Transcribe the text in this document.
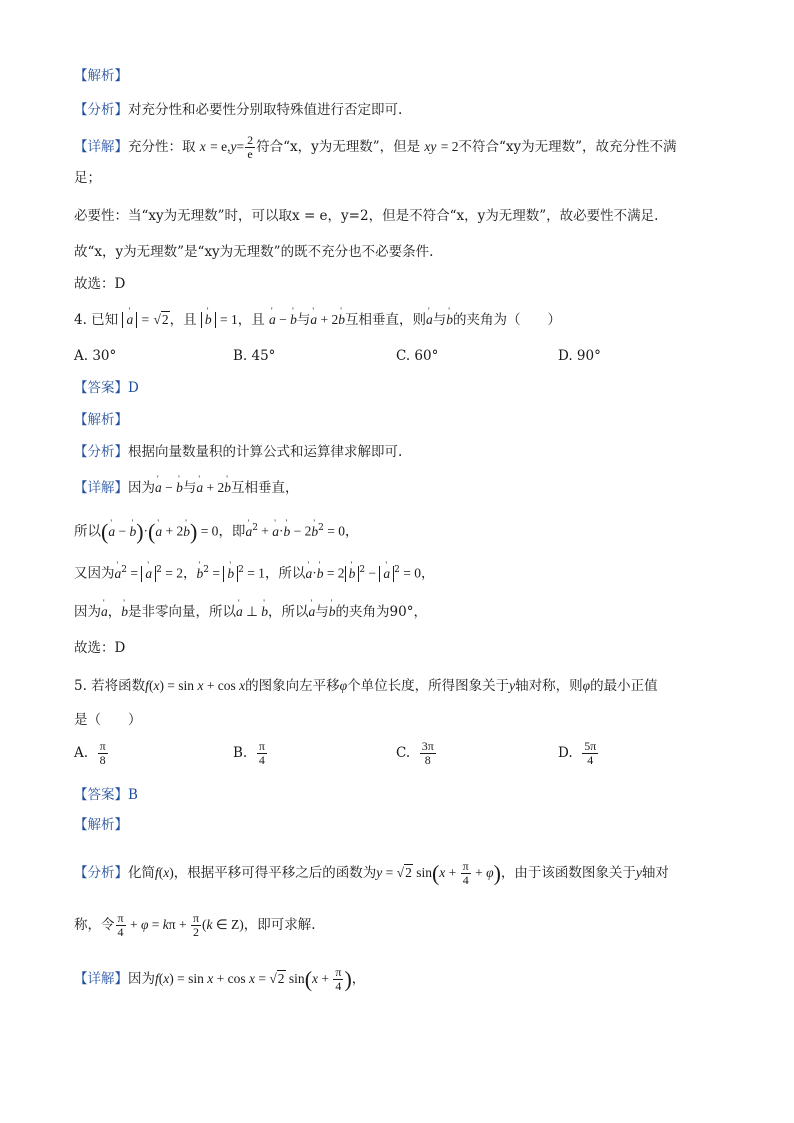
【解析】
【分析】对充分性和必要性分别取特殊值进行否定即可.
【详解】充分性：取 $x = e,y= \frac{2}{e}$ 符合“x，y为无理数”，但是 xy = 2不符合“xy为无理数”，故充分性不满
足；
必要性：当“xy为无理数”时，可以取x = e，y=2，但是不符合“x，y为无理数”，故必要性不满足.
故“x，y为无理数”是“xy为无理数”的既不充分也不必要条件.
故选：D
4. 已知 ' a = √2，且 ' b = 1，且 ' a − ' b与' a + 2' b互相垂直，则' a与' b的夹角为（　　）
A. 30°	B. 45°	C. 60°	D. 90°
【答案】D
【解析】
【分析】根据向量数量积的计算公式和运算律求解即可.
【详解】因为' a − ' b与' a + 2' b互相垂直，
所以(' a − ' b)·(' a + 2' b) = 0，即' $a^2$ + ' a·' b − 2' $b^2 = 0$，
又因为' $a^2$ = ' a $^2$ = 2，' $b^2$ = ' b $^2$ = 1，所以' a·' b = 2 ' b $^2$ − ' a $^2$ = 0，
因为' a，' b是非零向量，所以' a ⊥ ' b，所以' a与' b的夹角为90°，
故选：D
5. 若将函数f(x) = sin x + cos x的图象向左平移φ个单位长度，所得图象关于y轴对称，则φ的最小正值
是（　　）
A. $\frac{\pi}{8}$	B. $\frac{\pi}{4}$	C. $\frac{3\pi}{8}$	D. $\frac{5\pi}{4}$
【答案】B
【解析】
【分析】化简f(x)，根据平移可得平移之后的函数为y = √2 $\sin(x + \frac{\pi}{4} + \varphi)$，由于该函数图象关于y轴对
称，令 $\frac{\pi}{4} + \varphi = k\pi + \frac{\pi}{2} (k$ ∈ Z)，即可求解.
【详解】因为f(x) = sin x + cos x = √2 $\sin(x + \frac{\pi}{4}$ )，
